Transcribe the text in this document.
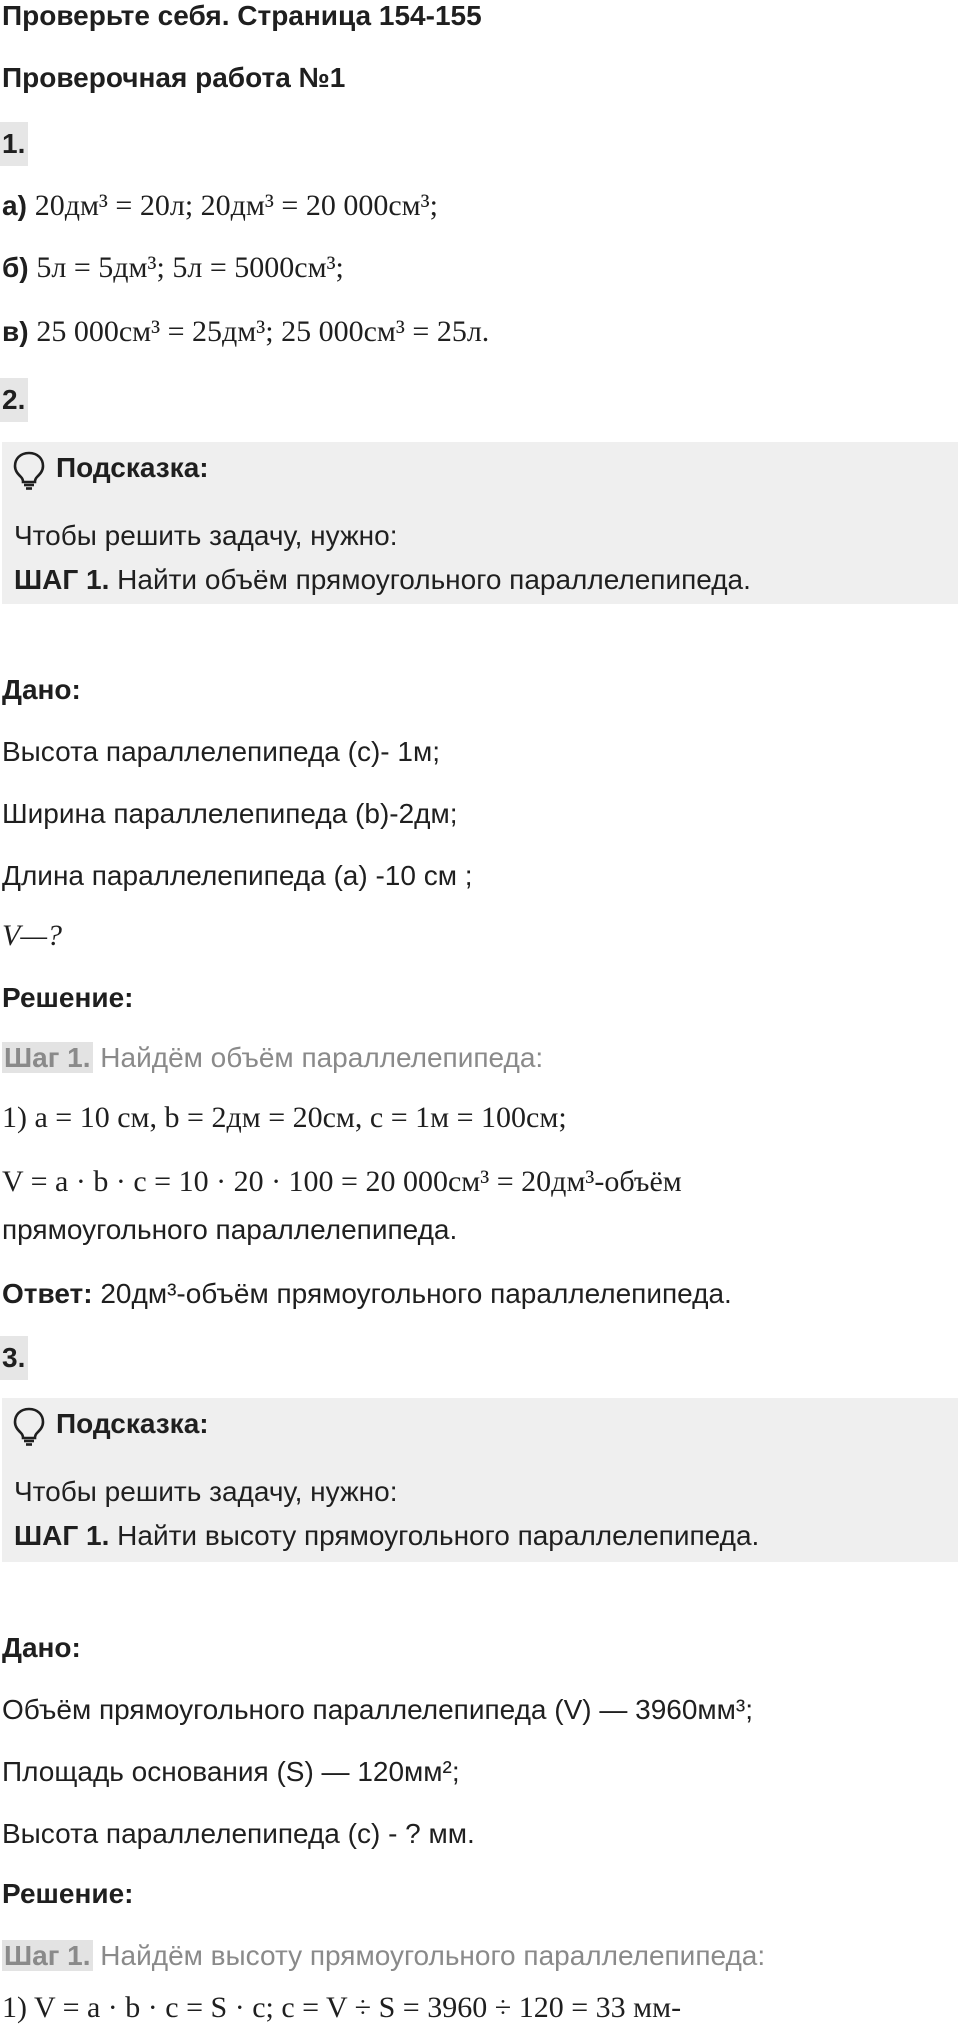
Проверьте себя. Страница 154-155
Проверочная работа №1
1.
а) 20дм³ = 20л; 20дм³ = 20 000см³;
б) 5л = 5дм³; 5л = 5000см³;
в) 25 000см³ = 25дм³; 25 000см³ = 25л.
2.
Подсказка:
Чтобы решить задачу, нужно:
ШАГ 1. Найти объём прямоугольного параллелепипеда.
Дано:
Высота параллелепипеда (с)- 1м;
Ширина параллелепипеда (b)-2дм;
Длина параллелепипеда (a) -10 см ;
V—?
Решение:
Шаг 1. Найдём объём параллелепипеда:
1) a = 10 см, b = 2дм = 20см, c = 1м = 100см;
V = a · b · c = 10 · 20 · 100 = 20 000см³ = 20дм³-объём
прямоугольного параллелепипеда.
Ответ: 20дм³-объём прямоугольного параллелепипеда.
3.
Подсказка:
Чтобы решить задачу, нужно:
ШАГ 1. Найти высоту прямоугольного параллелепипеда.
Дано:
Объём прямоугольного параллелепипеда (V) — 3960мм³;
Площадь основания (S) — 120мм²;
Высота параллелепипеда (с) - ? мм.
Решение:
Шаг 1. Найдём высоту прямоугольного параллелепипеда:
1) V = a · b · c = S · c; c = V ÷ S = 3960 ÷ 120 = 33 мм-
